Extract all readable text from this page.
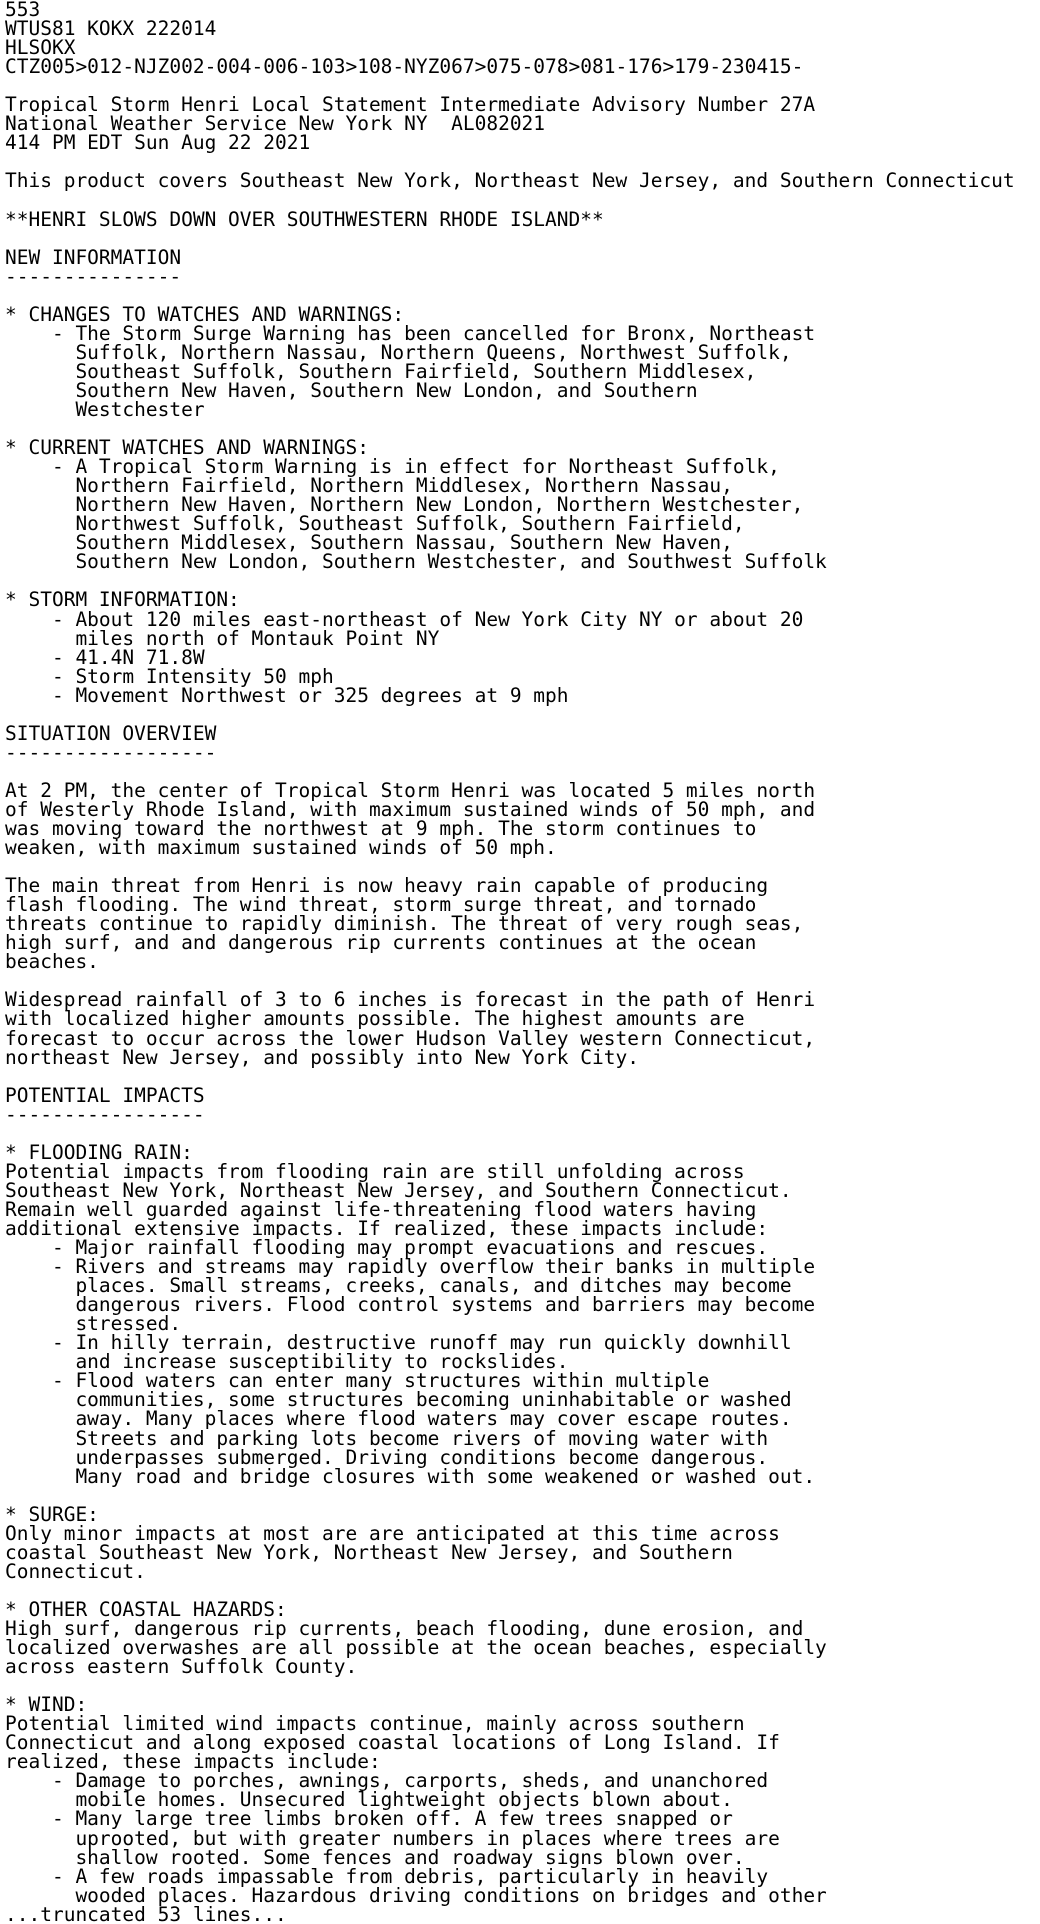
553
WTUS81 KOKX 222014
HLSOKX
CTZ005>012-NJZ002-004-006-103>108-NYZ067>075-078>081-176>179-230415-

Tropical Storm Henri Local Statement Intermediate Advisory Number 27A
National Weather Service New York NY  AL082021
414 PM EDT Sun Aug 22 2021

This product covers Southeast New York, Northeast New Jersey, and Southern Connecticut

**HENRI SLOWS DOWN OVER SOUTHWESTERN RHODE ISLAND**

NEW INFORMATION
---------------

* CHANGES TO WATCHES AND WARNINGS:
- The Storm Surge Warning has been cancelled for Bronx, Northeast
Suffolk, Northern Nassau, Northern Queens, Northwest Suffolk,
Southeast Suffolk, Southern Fairfield, Southern Middlesex,
Southern New Haven, Southern New London, and Southern
Westchester

* CURRENT WATCHES AND WARNINGS:
- A Tropical Storm Warning is in effect for Northeast Suffolk,
Northern Fairfield, Northern Middlesex, Northern Nassau,
Northern New Haven, Northern New London, Northern Westchester,
Northwest Suffolk, Southeast Suffolk, Southern Fairfield,
Southern Middlesex, Southern Nassau, Southern New Haven,
Southern New London, Southern Westchester, and Southwest Suffolk

* STORM INFORMATION:
- About 120 miles east-northeast of New York City NY or about 20
miles north of Montauk Point NY
- 41.4N 71.8W
- Storm Intensity 50 mph
- Movement Northwest or 325 degrees at 9 mph

SITUATION OVERVIEW
------------------

At 2 PM, the center of Tropical Storm Henri was located 5 miles north
of Westerly Rhode Island, with maximum sustained winds of 50 mph, and
was moving toward the northwest at 9 mph. The storm continues to
weaken, with maximum sustained winds of 50 mph.

The main threat from Henri is now heavy rain capable of producing
flash flooding. The wind threat, storm surge threat, and tornado
threats continue to rapidly diminish. The threat of very rough seas,
high surf, and and dangerous rip currents continues at the ocean
beaches.

Widespread rainfall of 3 to 6 inches is forecast in the path of Henri
with localized higher amounts possible. The highest amounts are
forecast to occur across the lower Hudson Valley western Connecticut,
northeast New Jersey, and possibly into New York City.

POTENTIAL IMPACTS
-----------------

* FLOODING RAIN:
Potential impacts from flooding rain are still unfolding across
Southeast New York, Northeast New Jersey, and Southern Connecticut.
Remain well guarded against life-threatening flood waters having
additional extensive impacts. If realized, these impacts include:
- Major rainfall flooding may prompt evacuations and rescues.
- Rivers and streams may rapidly overflow their banks in multiple
places. Small streams, creeks, canals, and ditches may become
dangerous rivers. Flood control systems and barriers may become
stressed.
- In hilly terrain, destructive runoff may run quickly downhill
and increase susceptibility to rockslides.
- Flood waters can enter many structures within multiple
communities, some structures becoming uninhabitable or washed
away. Many places where flood waters may cover escape routes.
Streets and parking lots become rivers of moving water with
underpasses submerged. Driving conditions become dangerous.
Many road and bridge closures with some weakened or washed out.

* SURGE:
Only minor impacts at most are are anticipated at this time across
coastal Southeast New York, Northeast New Jersey, and Southern
Connecticut.

* OTHER COASTAL HAZARDS:
High surf, dangerous rip currents, beach flooding, dune erosion, and
localized overwashes are all possible at the ocean beaches, especially
across eastern Suffolk County.

* WIND:
Potential limited wind impacts continue, mainly across southern
Connecticut and along exposed coastal locations of Long Island. If
realized, these impacts include:
- Damage to porches, awnings, carports, sheds, and unanchored
mobile homes. Unsecured lightweight objects blown about.
- Many large tree limbs broken off. A few trees snapped or
uprooted, but with greater numbers in places where trees are
shallow rooted. Some fences and roadway signs blown over.
- A few roads impassable from debris, particularly in heavily
wooded places. Hazardous driving conditions on bridges and other
...truncated 53 lines...
